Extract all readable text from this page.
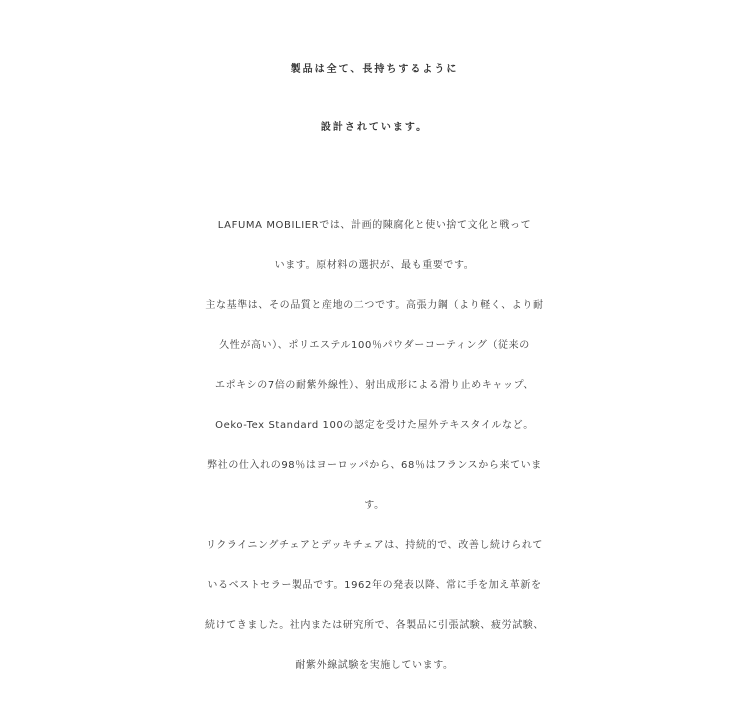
製品は全て、長持ちするように
設計されています。

LAFUMA MOBILIERでは、計画的陳腐化と使い捨て文化と戦って

います。原材料の選択が、最も重要です。

主な基準は、その品質と産地の二つです。高張力鋼（より軽く、より耐

久性が高い）、ポリエステル100％パウダーコーティング（従来の

エポキシの7倍の耐紫外線性）、射出成形による滑り止めキャップ、

Oeko-Tex Standard 100の認定を受けた屋外テキスタイルなど。

弊社の仕入れの98％はヨーロッパから、68％はフランスから来ていま

す。

リクライニングチェアとデッキチェアは、持続的で、改善し続けられて

いるベストセラー製品です。1962年の発表以降、常に手を加え革新を

続けてきました。社内または研究所で、各製品に引張試験、疲労試験、

耐紫外線試験を実施しています。
